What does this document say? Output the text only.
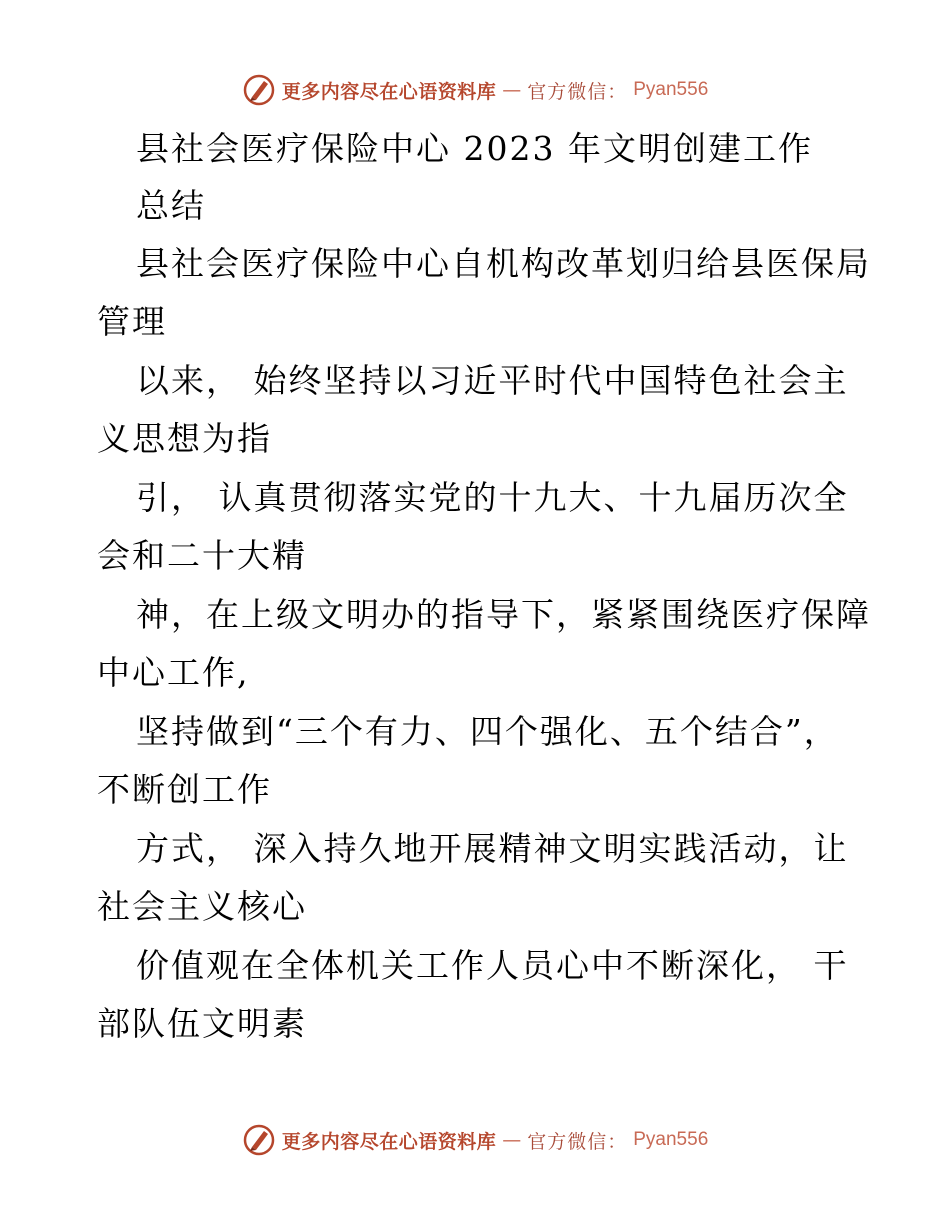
更多内容尽在心语资料库 — 官方微信： Pyan556
县社会医疗保险中心 2023 年文明创建工作
总结
县社会医疗保险中心自机构改革划归给县医保局
管理
以来， 始终坚持以习近平时代中国特色社会主
义思想为指
引， 认真贯彻落实党的十九大、十九届历次全
会和二十大精
神，在上级文明办的指导下，紧紧围绕医疗保障
中心工作,
坚持做到“三个有力、四个强化、五个结合”，
不断创工作
方式， 深入持久地开展精神文明实践活动，让
社会主义核心
价值观在全体机关工作人员心中不断深化， 干
部队伍文明素
更多内容尽在心语资料库 — 官方微信： Pyan556
